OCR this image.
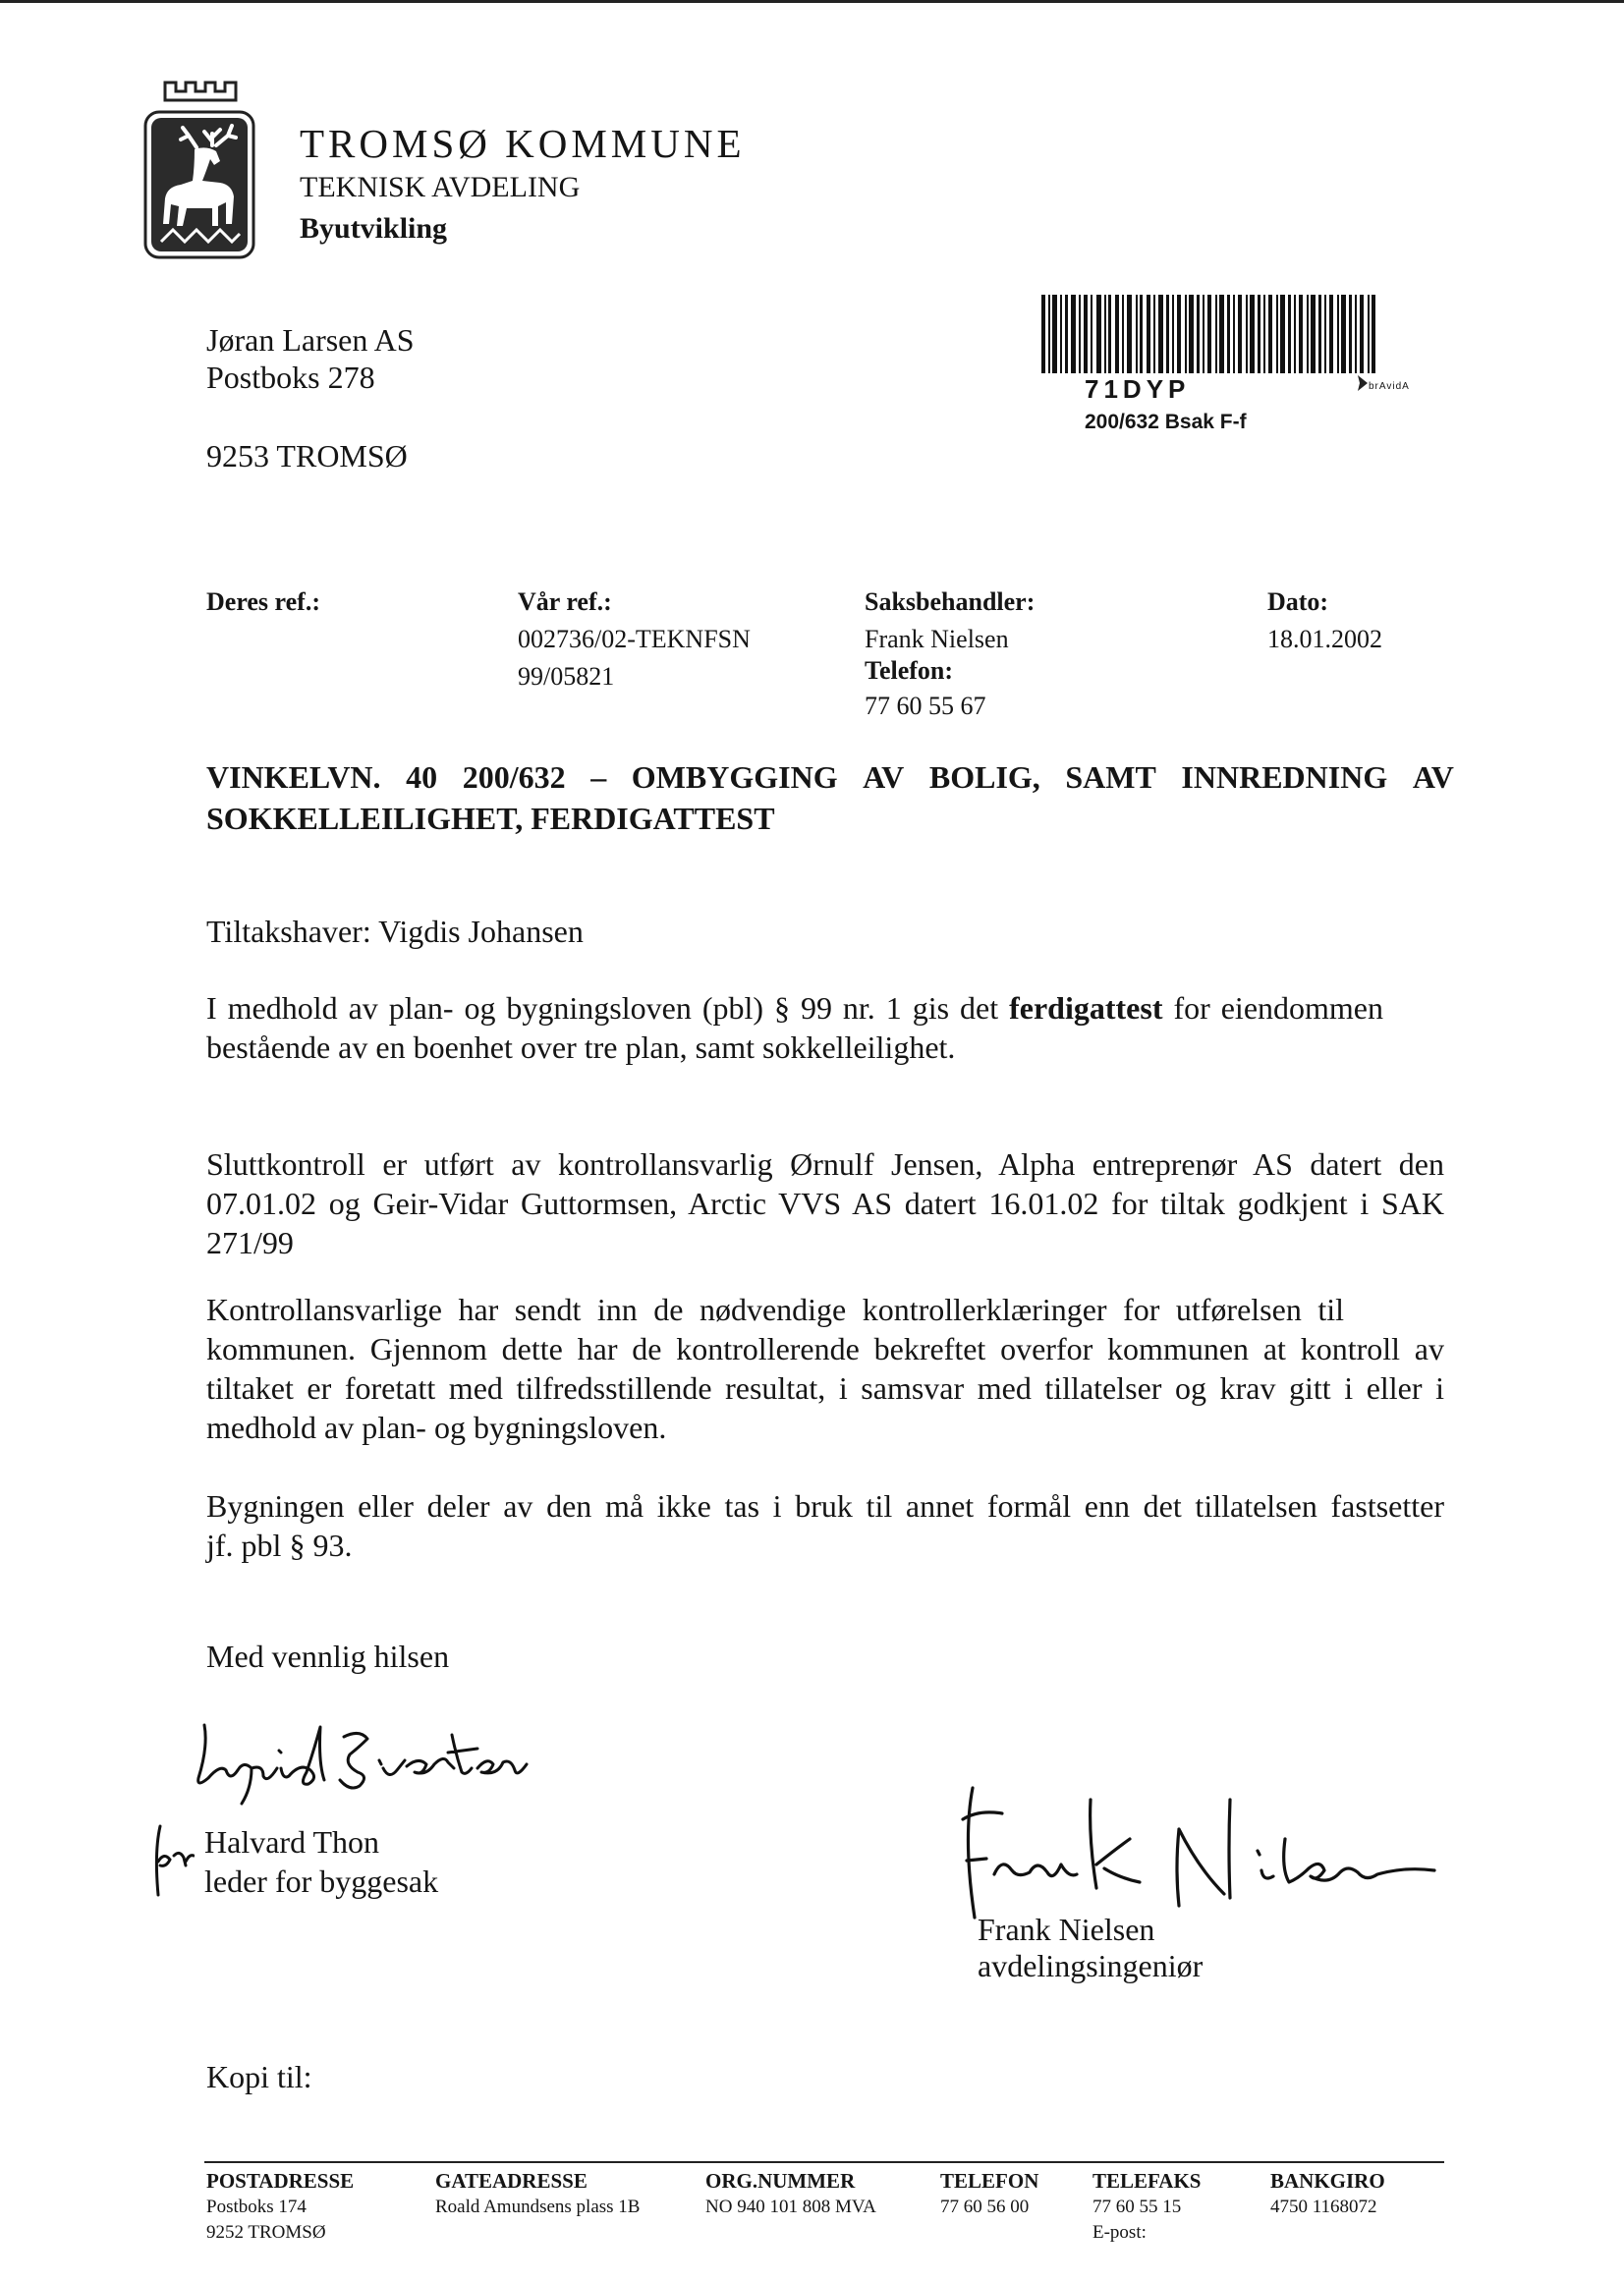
TROMSØ KOMMUNE
TEKNISK AVDELING
Byutvikling
Jøran Larsen AS
Postboks 278
9253 TROMSØ
71DYP	brAvidA
200/632 Bsak F-f
Deres ref.:	Vår ref.:
002736/02-TEKNFSN
99/05821
Saksbehandler:
Frank Nielsen
Telefon:
77 60 55 67
Dato:
18.01.2002
VINKELVN. 40 200/632 – OMBYGGING AV BOLIG, SAMT INNREDNING AV
SOKKELLEILIGHET, FERDIGATTEST
Tiltakshaver: Vigdis Johansen
I medhold av plan- og bygningsloven (pbl) § 99 nr. 1 gis det ferdigattest for eiendommen
bestående av en boenhet over tre plan, samt sokkelleilighet.
Sluttkontroll er utført av kontrollansvarlig Ørnulf Jensen, Alpha entreprenør AS datert den
07.01.02 og Geir-Vidar Guttormsen, Arctic VVS AS datert 16.01.02 for tiltak godkjent i SAK
271/99
Kontrollansvarlige har sendt inn de nødvendige kontrollerklæringer for utførelsen til
kommunen. Gjennom dette har de kontrollerende bekreftet overfor kommunen at kontroll av
tiltaket er foretatt med tilfredsstillende resultat, i samsvar med tillatelser og krav gitt i eller i
medhold av plan- og bygningsloven.
Bygningen eller deler av den må ikke tas i bruk til annet formål enn det tillatelsen fastsetter
jf. pbl § 93.
Med vennlig hilsen
Halvard Thon
leder for byggesak
Frank Nielsen
avdelingsingeniør
Kopi til:
POSTADRESSE
Postboks 174
9252 TROMSØ
GATEADRESSE
Roald Amundsens plass 1B
ORG.NUMMER
NO 940 101 808 MVA
TELEFON
77 60 56 00
TELEFAKS
77 60 55 15
E-post:
BANKGIRO
4750 1168072
